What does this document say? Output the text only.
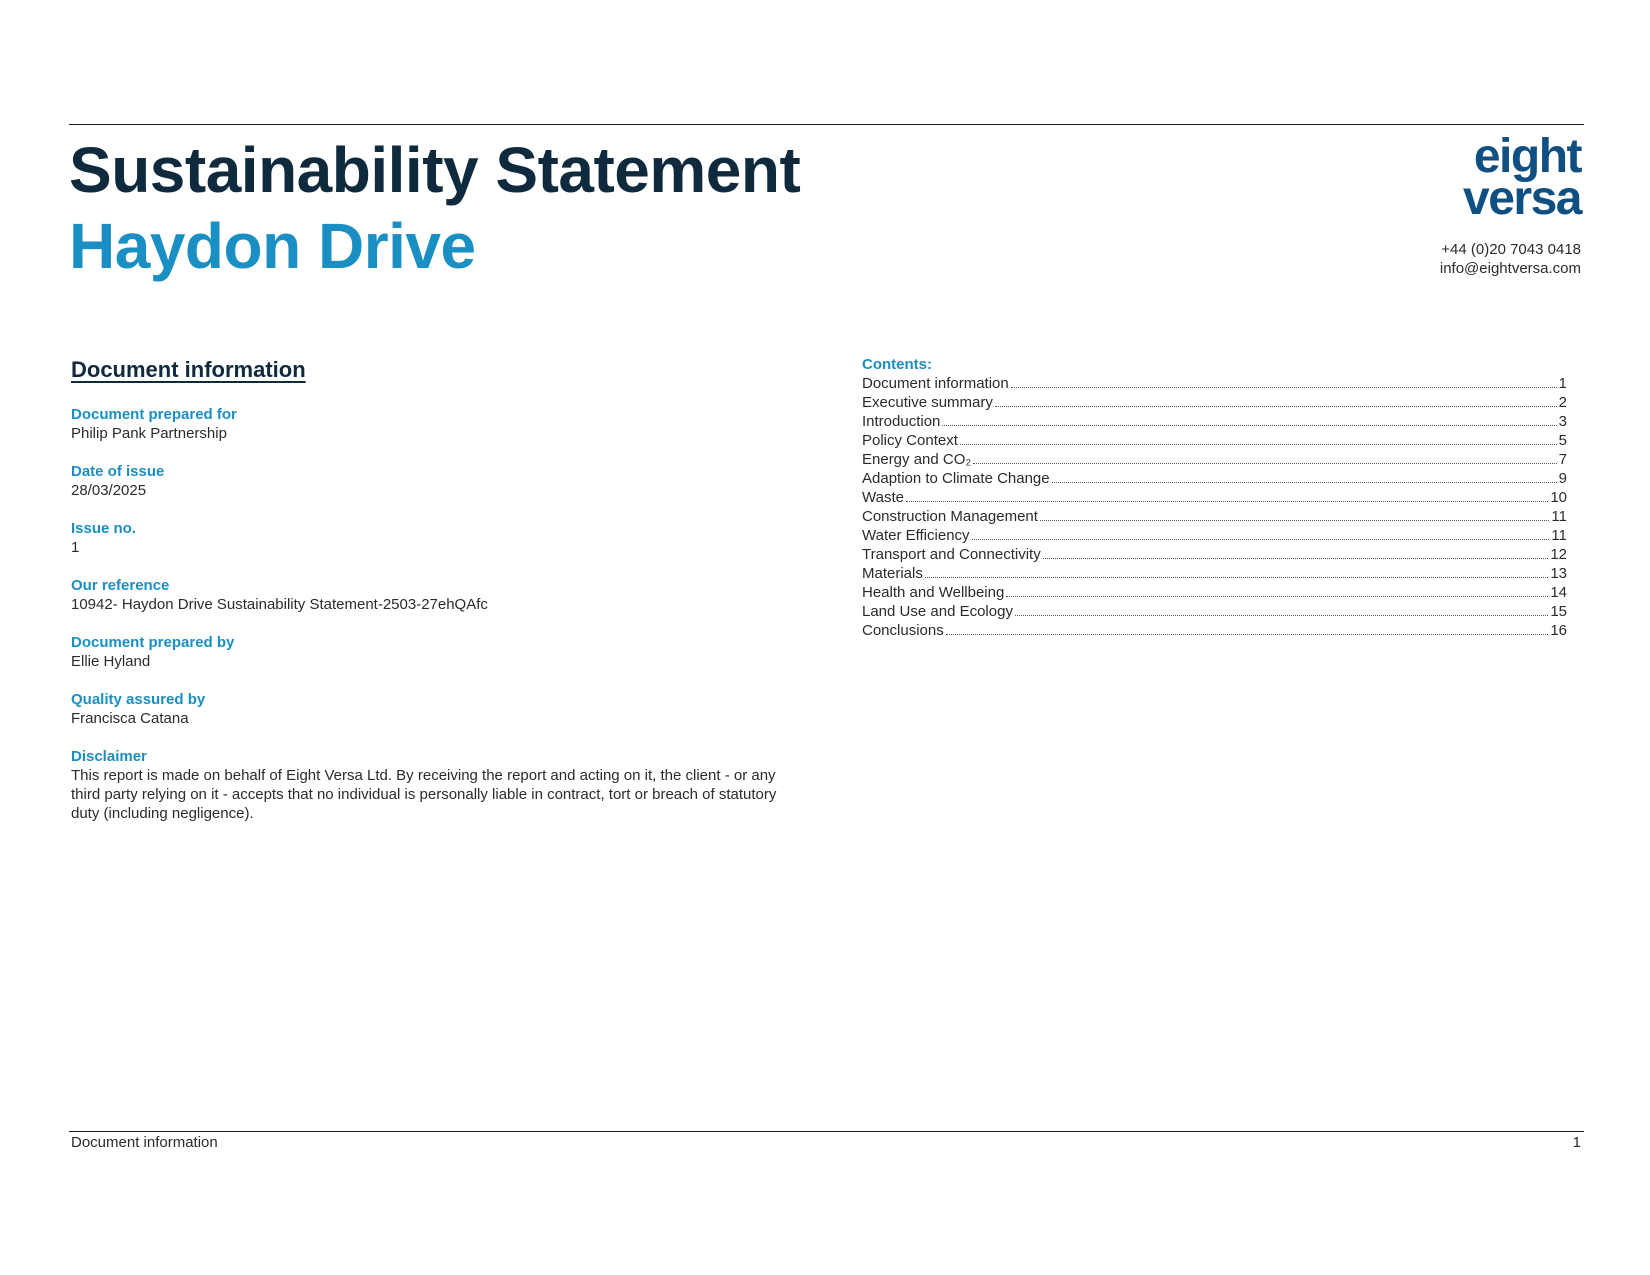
Sustainability Statement
Haydon Drive
eight
versa
+44 (0)20 7043 0418
info@eightversa.com
Document information
Document prepared for
Philip Pank Partnership
Date of issue
28/03/2025
Issue no.
1
Our reference
10942- Haydon Drive Sustainability Statement-2503-27ehQAfc
Document prepared by
Ellie Hyland
Quality assured by
Francisca Catana
Disclaimer
This report is made on behalf of Eight Versa Ltd. By receiving the report and acting on it, the client - or any third party relying on it - accepts that no individual is personally liable in contract, tort or breach of statutory duty (including negligence).
Contents:
Document information	1
Executive summary	2
Introduction	3
Policy Context	5
Energy and CO₂	7
Adaption to Climate Change	9
Waste	10
Construction Management	11
Water Efficiency	11
Transport and Connectivity	12
Materials	13
Health and Wellbeing	14
Land Use and Ecology	15
Conclusions	16
Document information	1
